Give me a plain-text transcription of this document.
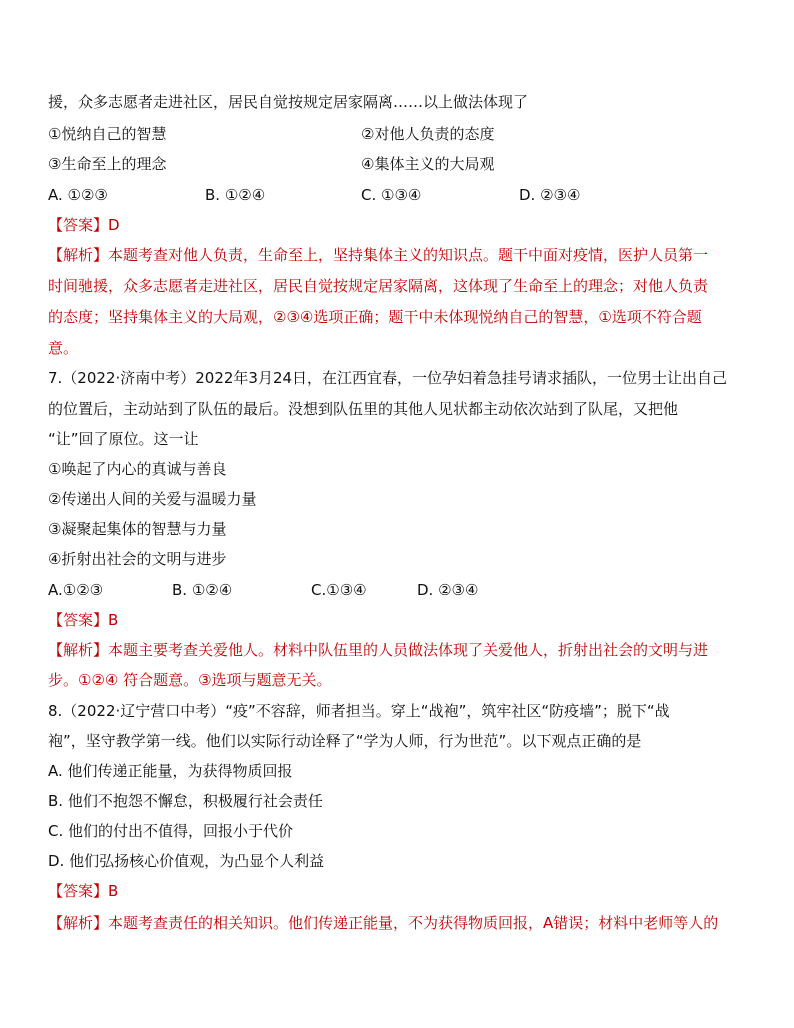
援，众多志愿者走进社区，居民自觉按规定居家隔离……以上做法体现了
①悦纳自己的智慧	②对他人负责的态度
③生命至上的理念	④集体主义的大局观
A. ①②③	B. ①②④	C. ①③④	D. ②③④
【答案】D
【解析】本题考查对他人负责，生命至上，坚持集体主义的知识点。题干中面对疫情，医护人员第一
时间驰援，众多志愿者走进社区，居民自觉按规定居家隔离，这体现了生命至上的理念；对他人负责
的态度；坚持集体主义的大局观，②③④选项正确；题干中未体现悦纳自己的智慧，①选项不符合题
意。
7.（2022·济南中考）2022年3月24日，在江西宜春，一位孕妇着急挂号请求插队，一位男士让出自己
的位置后，主动站到了队伍的最后。没想到队伍里的其他人见状都主动依次站到了队尾，又把他
“让”回了原位。这一让
①唤起了内心的真诚与善良
②传递出人间的关爱与温暖力量
③凝聚起集体的智慧与力量
④折射出社会的文明与进步
A.①②③	B. ①②④	C.①③④	D. ②③④
【答案】B
【解析】本题主要考查关爱他人。材料中队伍里的人员做法体现了关爱他人，折射出社会的文明与进
步。①②④ 符合题意。③选项与题意无关。
8.（2022·辽宁营口中考）“疫”不容辞，师者担当。穿上“战袍”，筑牢社区“防疫墙”；脱下“战
袍”，坚守教学第一线。他们以实际行动诠释了“学为人师，行为世范”。以下观点正确的是
A. 他们传递正能量，为获得物质回报
B. 他们不抱怨不懈怠，积极履行社会责任
C. 他们的付出不值得，回报小于代价
D. 他们弘扬核心价值观，为凸显个人利益
【答案】B
【解析】本题考查责任的相关知识。他们传递正能量，不为获得物质回报，A错误；材料中老师等人的
